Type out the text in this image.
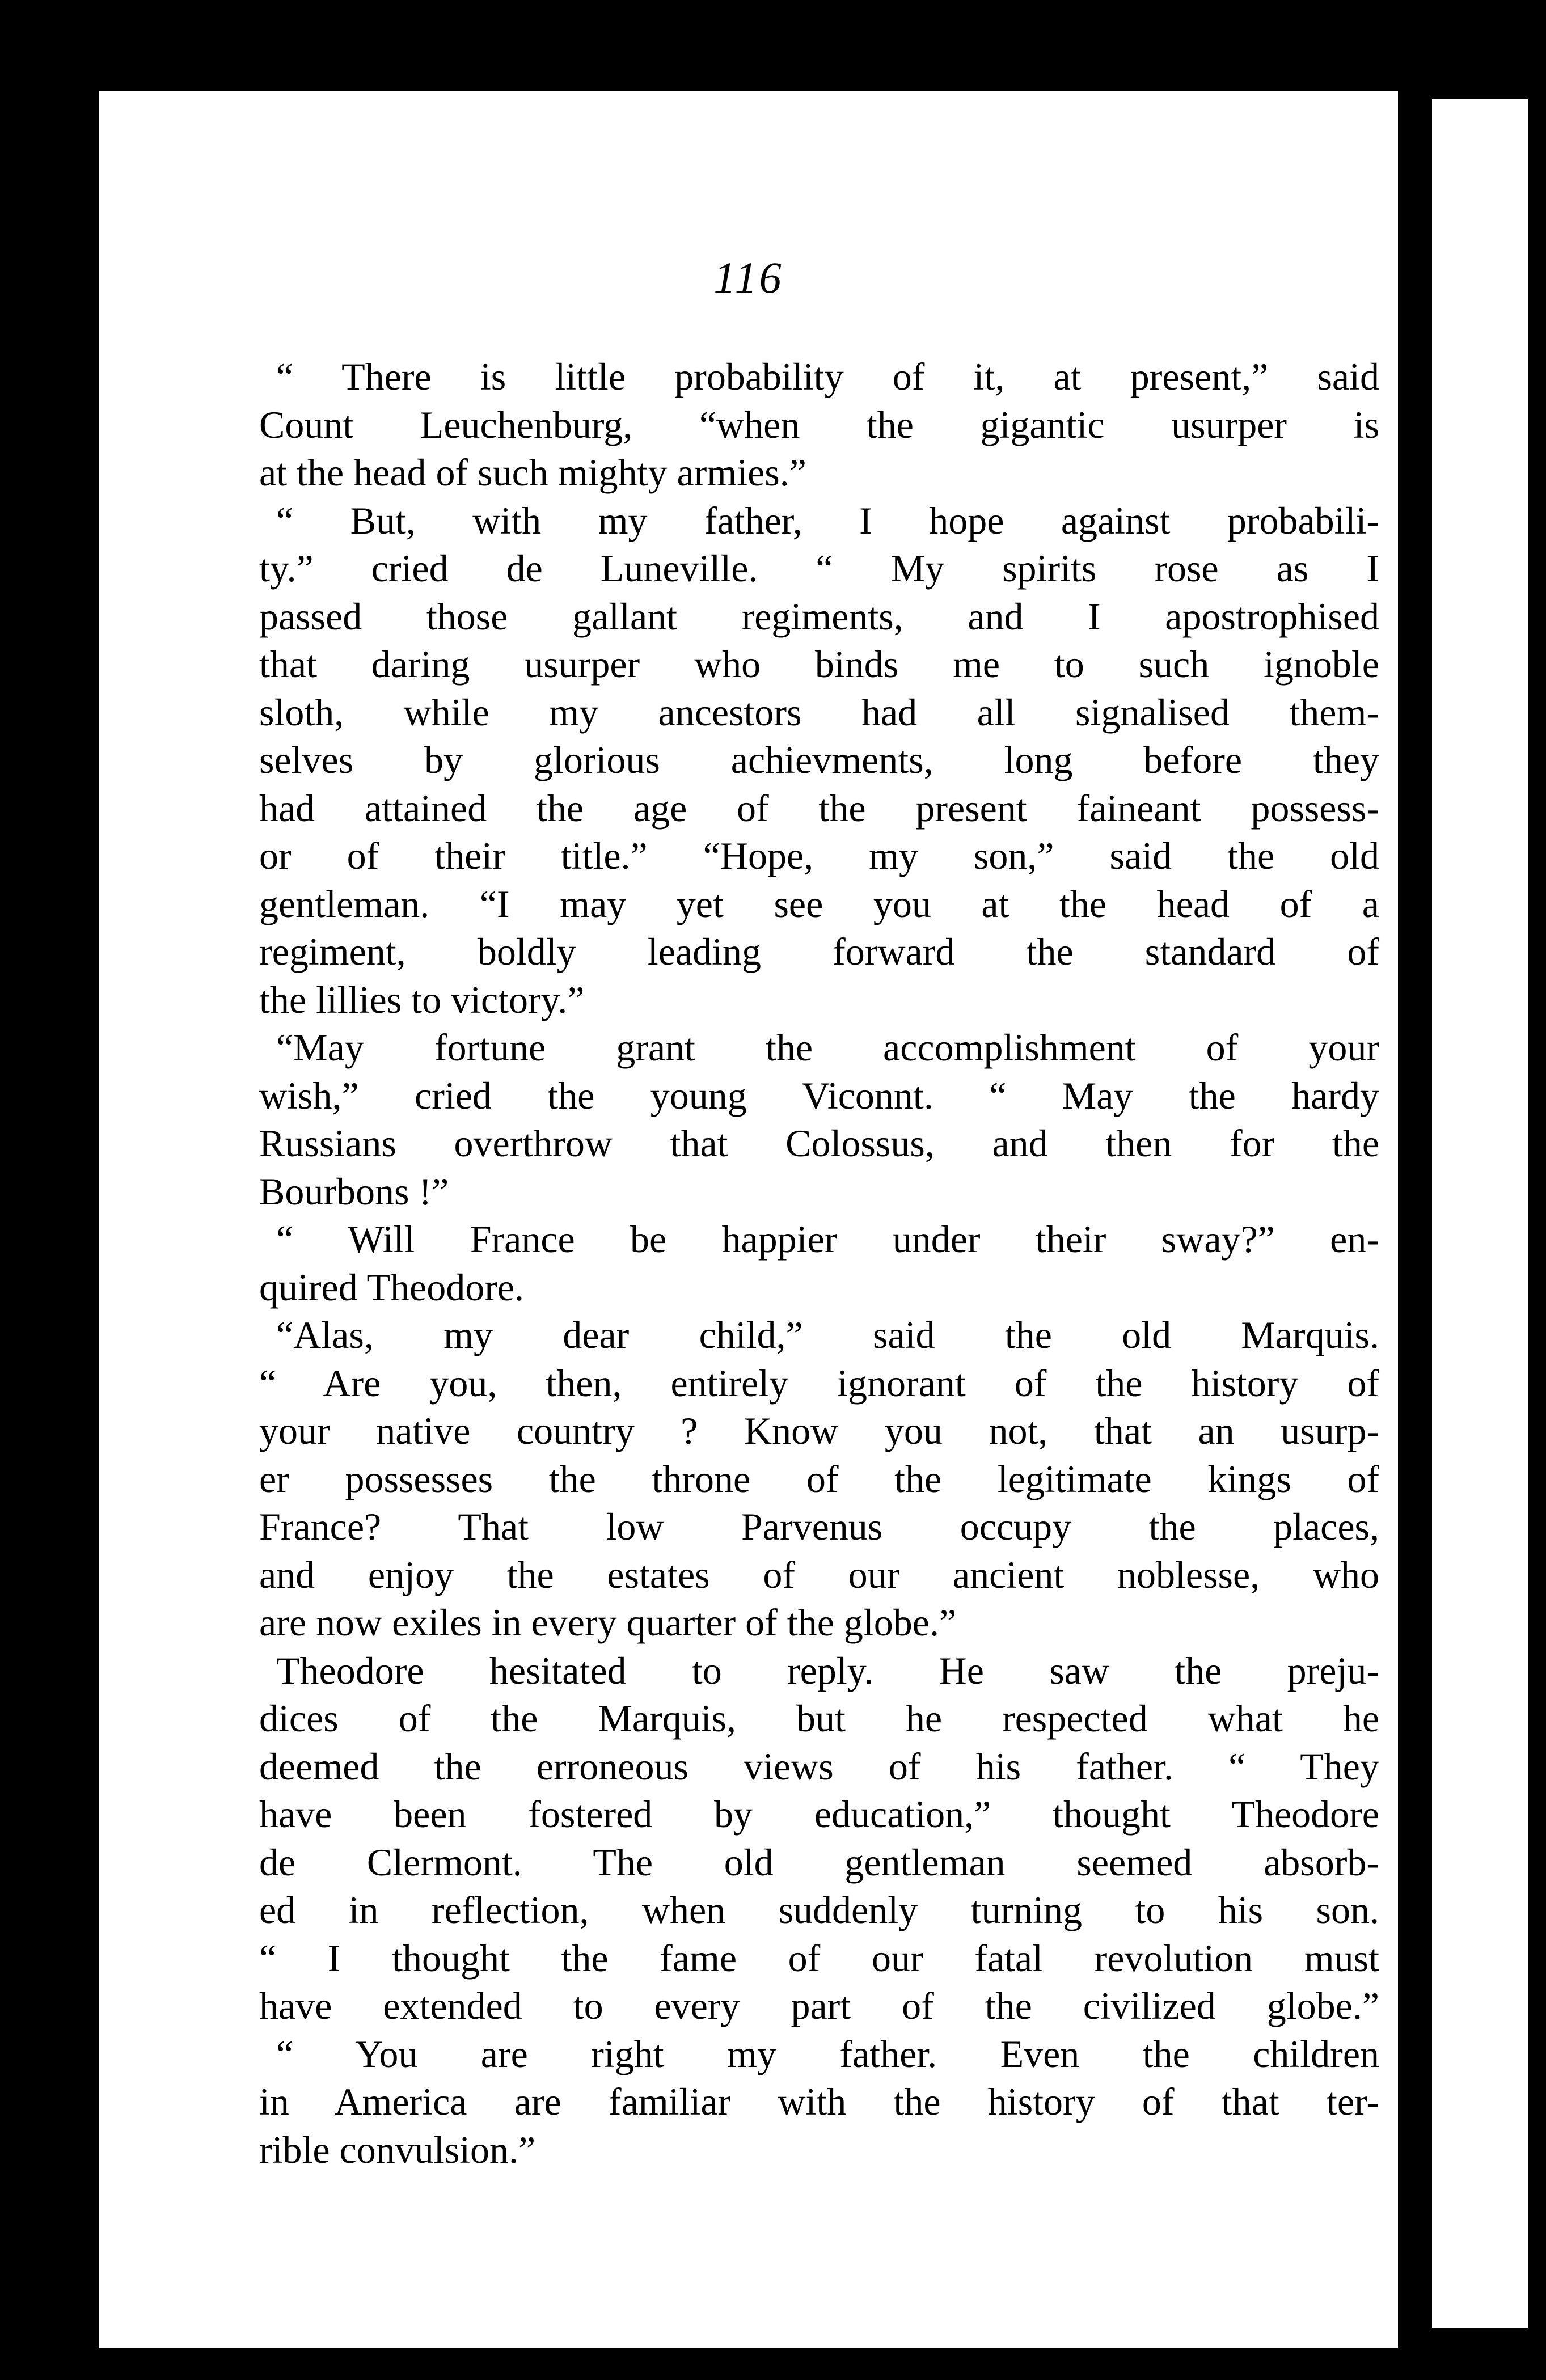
116
“ There is little probability of it, at present,” said
Count Leuchenburg, “when the gigantic usurper is
at the head of such mighty armies.”
“ But, with my father, I hope against probabili-
ty.” cried de Luneville. “ My spirits rose as I
passed those gallant regiments, and I apostrophised
that daring usurper who binds me to such ignoble
sloth, while my ancestors had all signalised them-
selves by glorious achievments, long before they
had attained the age of the present faineant possess-
or of their title.” “Hope, my son,” said the old
gentleman. “I may yet see you at the head of a
regiment, boldly leading forward the standard of
the lillies to victory.”
“May fortune grant the accomplishment of your
wish,” cried the young Viconnt. “ May the hardy
Russians overthrow that Colossus, and then for the
Bourbons !”
“ Will France be happier under their sway?” en-
quired Theodore.
“Alas, my dear child,” said the old Marquis.
“ Are you, then, entirely ignorant of the history of
your native country ? Know you not, that an usurp-
er possesses the throne of the legitimate kings of
France? That low Parvenus occupy the places,
and enjoy the estates of our ancient noblesse, who
are now exiles in every quarter of the globe.”
Theodore hesitated to reply. He saw the preju-
dices of the Marquis, but he respected what he
deemed the erroneous views of his father. “ They
have been fostered by education,” thought Theodore
de Clermont. The old gentleman seemed absorb-
ed in reflection, when suddenly turning to his son.
“ I thought the fame of our fatal revolution must
have extended to every part of the civilized globe.”
“ You are right my father. Even the children
in America are familiar with the history of that ter-
rible convulsion.”
